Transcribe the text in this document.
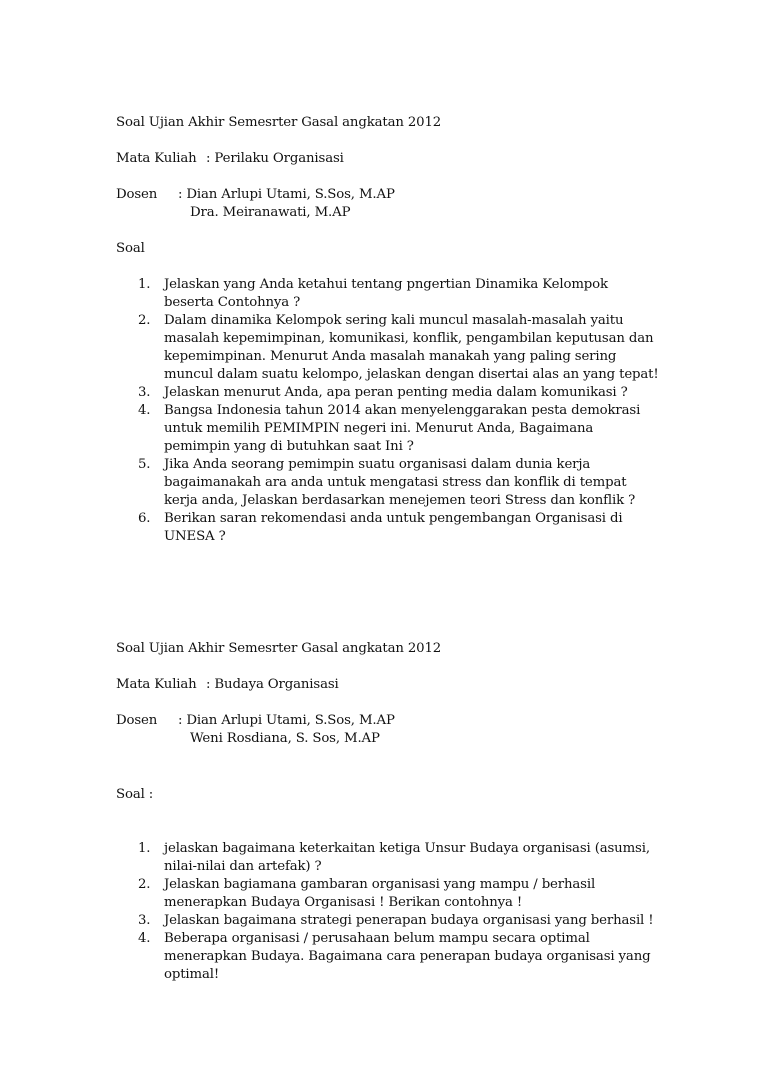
Soal Ujian Akhir Semesrter Gasal angkatan 2012
Mata Kuliah : Perilaku Organisasi
Dosen : Dian Arlupi Utami, S.Sos, M.AP
Dra. Meiranawati, M.AP
Soal
1. Jelaskan yang Anda ketahui tentang pngertian Dinamika Kelompok
beserta Contohnya ?
2. Dalam dinamika Kelompok sering kali muncul masalah-masalah yaitu
masalah kepemimpinan, komunikasi, konflik, pengambilan keputusan dan
kepemimpinan. Menurut Anda masalah manakah yang paling sering
muncul dalam suatu kelompo, jelaskan dengan disertai alas an yang tepat!
3. Jelaskan menurut Anda, apa peran penting media dalam komunikasi ?
4. Bangsa Indonesia tahun 2014 akan menyelenggarakan pesta demokrasi
untuk memilih PEMIMPIN negeri ini. Menurut Anda, Bagaimana
pemimpin yang di butuhkan saat Ini ?
5. Jika Anda seorang pemimpin suatu organisasi dalam dunia kerja
bagaimanakah ara anda untuk mengatasi stress dan konflik di tempat
kerja anda, Jelaskan berdasarkan menejemen teori Stress dan konflik ?
6. Berikan saran rekomendasi anda untuk pengembangan Organisasi di
UNESA ?
Soal Ujian Akhir Semesrter Gasal angkatan 2012
Mata Kuliah : Budaya Organisasi
Dosen : Dian Arlupi Utami, S.Sos, M.AP
Weni Rosdiana, S. Sos, M.AP
Soal :
1. jelaskan bagaimana keterkaitan ketiga Unsur Budaya organisasi (asumsi,
nilai-nilai dan artefak) ?
2. Jelaskan bagiamana gambaran organisasi yang mampu / berhasil
menerapkan Budaya Organisasi ! Berikan contohnya !
3. Jelaskan bagaimana strategi penerapan budaya organisasi yang berhasil !
4. Beberapa organisasi / perusahaan belum mampu secara optimal
menerapkan Budaya. Bagaimana cara penerapan budaya organisasi yang
optimal!
